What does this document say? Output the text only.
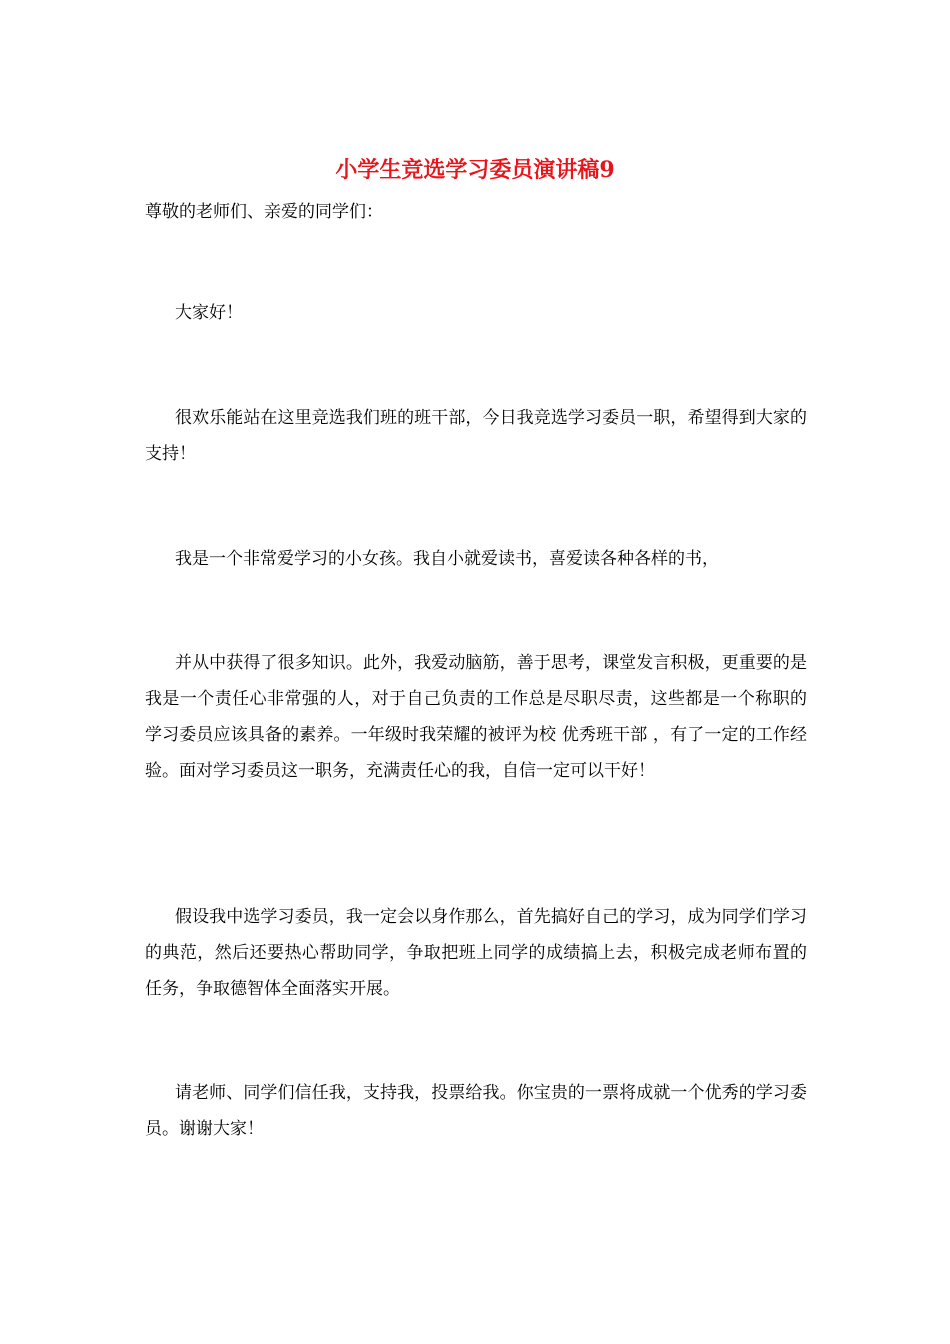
小学生竞选学习委员演讲稿9

尊敬的老师们、亲爱的同学们：

大家好！

很欢乐能站在这里竞选我们班的班干部，今日我竞选学习委员一职，希望得到大家的支持！

我是一个非常爱学习的小女孩。我自小就爱读书，喜爱读各种各样的书，

并从中获得了很多知识。此外，我爱动脑筋，善于思考，课堂发言积极，更重要的是我是一个责任心非常强的人，对于自己负责的工作总是尽职尽责，这些都是一个称职的学习委员应该具备的素养。一年级时我荣耀的被评为校 优秀班干部 ，有了一定的工作经验。面对学习委员这一职务，充满责任心的我，自信一定可以干好！

假设我中选学习委员，我一定会以身作那么，首先搞好自己的学习，成为同学们学习的典范，然后还要热心帮助同学，争取把班上同学的成绩搞上去，积极完成老师布置的任务，争取德智体全面落实开展。

请老师、同学们信任我，支持我，投票给我。你宝贵的一票将成就一个优秀的学习委员。谢谢大家！
